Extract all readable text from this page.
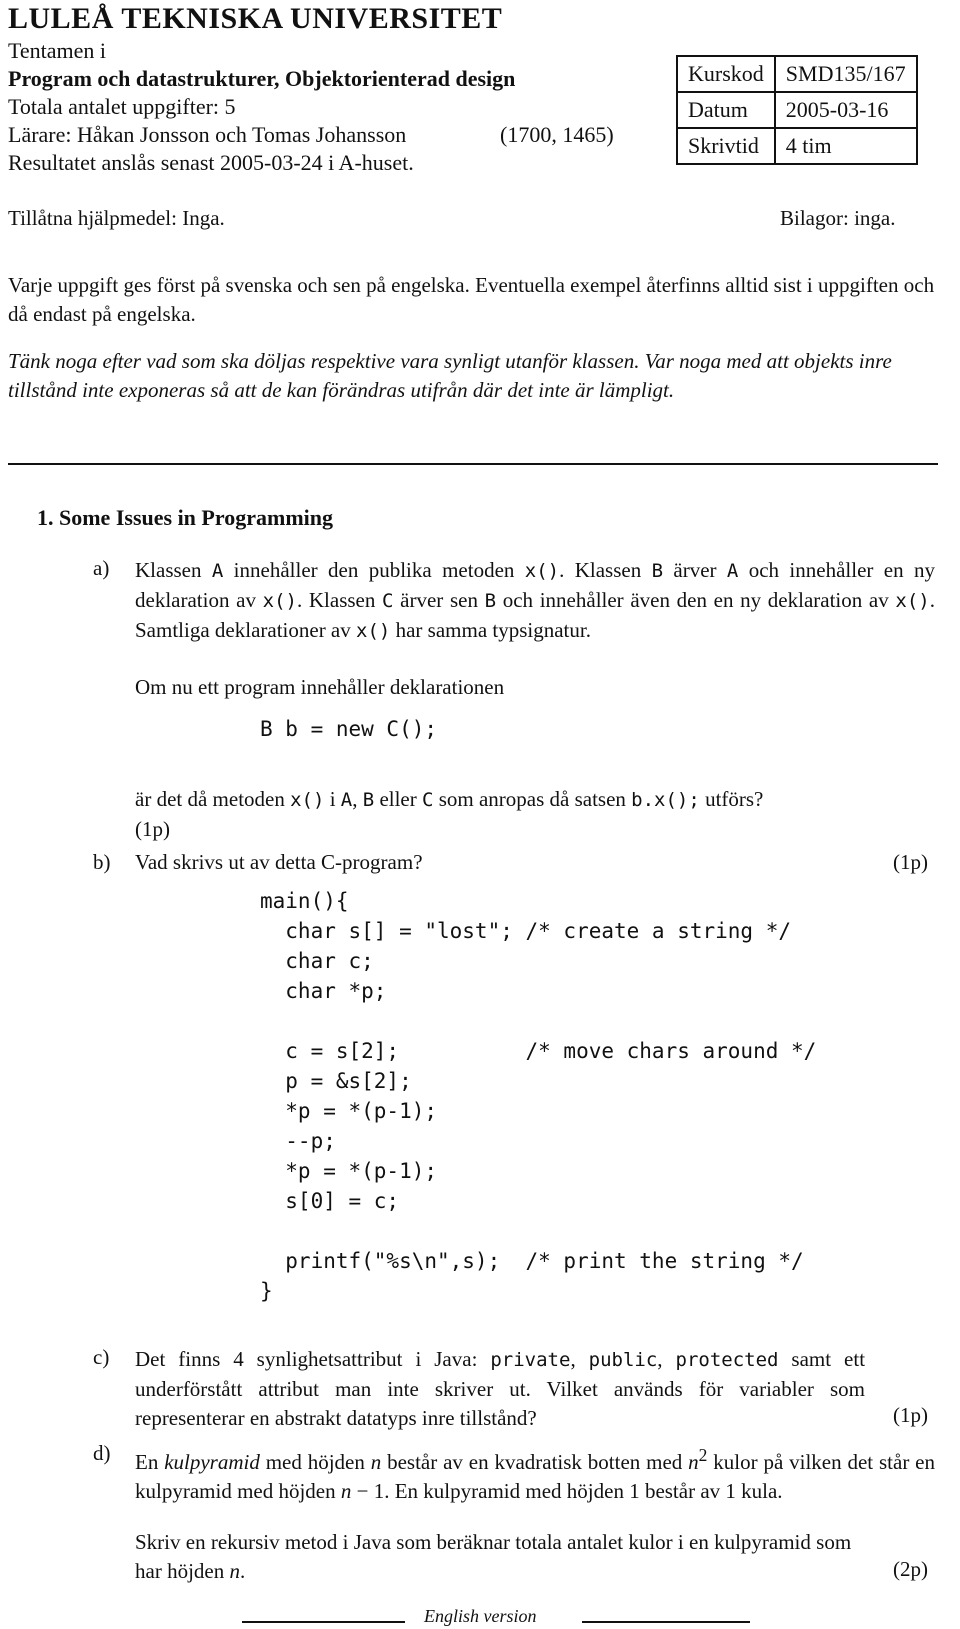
LULEÅ TEKNISKA UNIVERSITET
Tentamen i
Program och datastrukturer, Objektorienterad design
Totala antalet uppgifter: 5
Lärare: Håkan Jonsson och Tomas Johansson	(1700, 1465)
Resultatet anslås senast 2005-03-24 i A-huset.
Kurskod	SMD135/167
Datum	2005-03-16
Skrivtid	4 tim
Tillåtna hjälpmedel: Inga.	Bilagor: inga.
Varje uppgift ges först på svenska och sen på engelska. Eventuella exempel återfinns alltid sist i uppgiften och då endast på engelska.
Tänk noga efter vad som ska döljas respektive vara synligt utanför klassen. Var noga med att objekts inre tillstånd inte exponeras så att de kan förändras utifrån där det inte är lämpligt.
1. Some Issues in Programming
a) Klassen A innehåller den publika metoden x(). Klassen B ärver A och innehåller en ny deklaration av x(). Klassen C ärver sen B och innehåller även den en ny deklaration av x(). Samtliga deklarationer av x() har samma typsignatur.
Om nu ett program innehåller deklarationen
B b = new C();
är det då metoden x() i A, B eller C som anropas då satsen b.x(); utförs?
(1p)
b) Vad skrivs ut av detta C-program?	(1p)
main(){
char s[] = "lost"; /* create a string */
char c;
char *p;
c = s[2];          /* move chars around */
p = &s[2];
*p = *(p-1);
--p;
*p = *(p-1);
s[0] = c;
printf("%s\n",s);  /* print the string */
}
c) Det finns 4 synlighetsattribut i Java: private, public, protected samt ett underförstått attribut man inte skriver ut. Vilket används för variabler som representerar en abstrakt datatyps inre tillstånd?	(1p)
d) En kulpyramid med höjden n består av en kvadratisk botten med $n^2$ kulor på vilken det står en kulpyramid med höjden n − 1. En kulpyramid med höjden 1 består av 1 kula.
Skriv en rekursiv metod i Java som beräknar totala antalet kulor i en kulpyramid som har höjden n.	(2p)
English version
